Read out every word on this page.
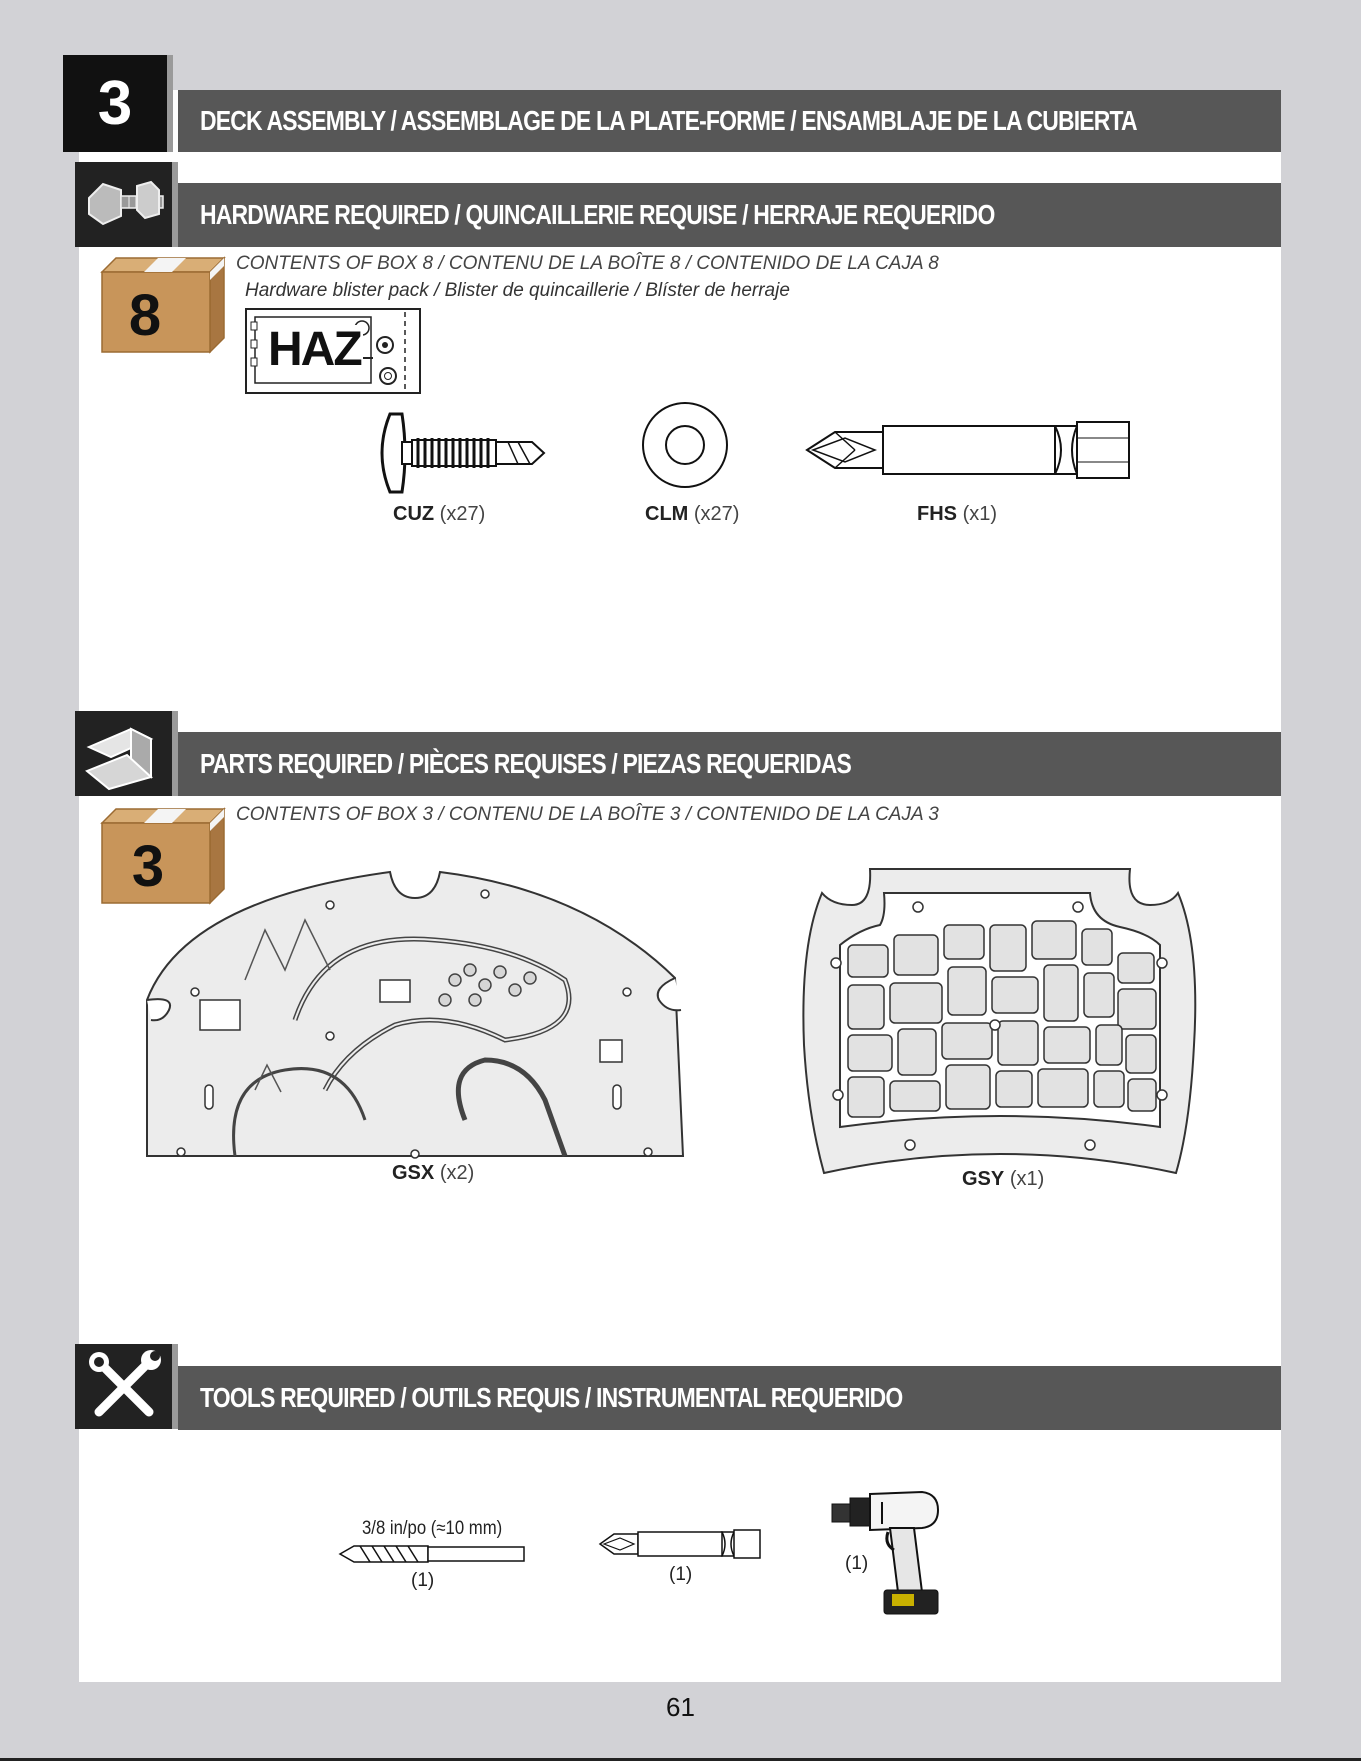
3	DECK ASSEMBLY / ASSEMBLAGE DE LA PLATE-FORME / ENSAMBLAJE DE LA CUBIERTA
HARDWARE REQUIRED / QUINCAILLERIE REQUISE / HERRAJE REQUERIDO
8
CONTENTS OF BOX 8 / CONTENU DE LA BOÎTE 8 / CONTENIDO DE LA CAJA 8
Hardware blister pack / Blister de quincaillerie / Blíster de herraje
HAZ
CUZ (x27)	CLM (x27)	FHS (x1)
PARTS REQUIRED / PIÈCES REQUISES / PIEZAS REQUERIDAS
3
CONTENTS OF BOX 3 / CONTENU DE LA BOÎTE 3 / CONTENIDO DE LA CAJA 3
GSX (x2)	GSY (x1)
TOOLS REQUIRED / OUTILS REQUIS / INSTRUMENTAL REQUERIDO
3/8 in/po (≈10 mm)
(1)	(1)
(1)
61
